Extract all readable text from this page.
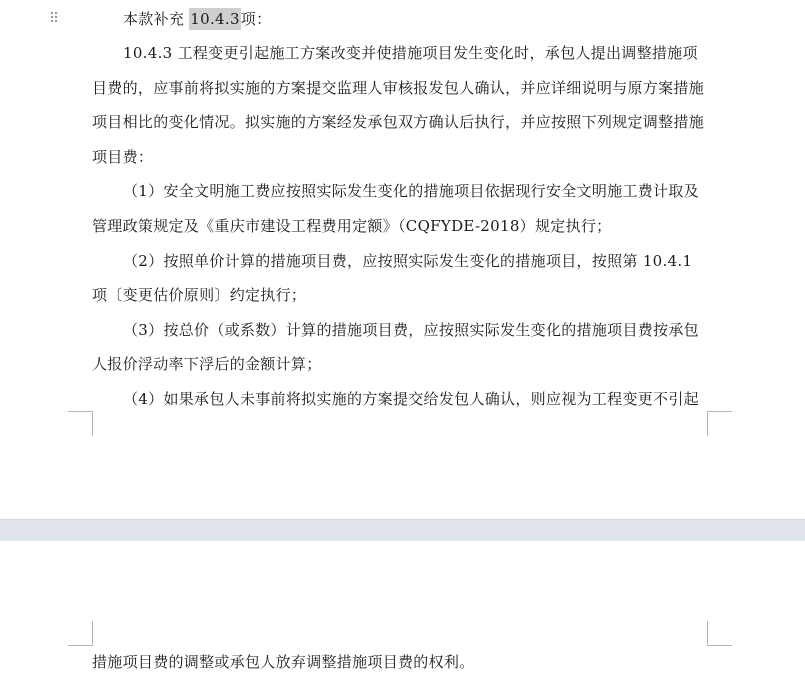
⠿	本款补充 10.4.3项：
10.4.3 工程变更引起施工方案改变并使措施项目发生变化时，承包人提出调整措施项
目费的，应事前将拟实施的方案提交监理人审核报发包人确认，并应详细说明与原方案措施
项目相比的变化情况。拟实施的方案经发承包双方确认后执行，并应按照下列规定调整措施
项目费：
（1）安全文明施工费应按照实际发生变化的措施项目依据现行安全文明施工费计取及
管理政策规定及《重庆市建设工程费用定额》（CQFYDE-2018）规定执行；
（2）按照单价计算的措施项目费，应按照实际发生变化的措施项目，按照第 10.4.1
项〔变更估价原则〕约定执行；
（3）按总价（或系数）计算的措施项目费，应按照实际发生变化的措施项目费按承包
人报价浮动率下浮后的金额计算；
（4）如果承包人未事前将拟实施的方案提交给发包人确认，则应视为工程变更不引起
措施项目费的调整或承包人放弃调整措施项目费的权利。
